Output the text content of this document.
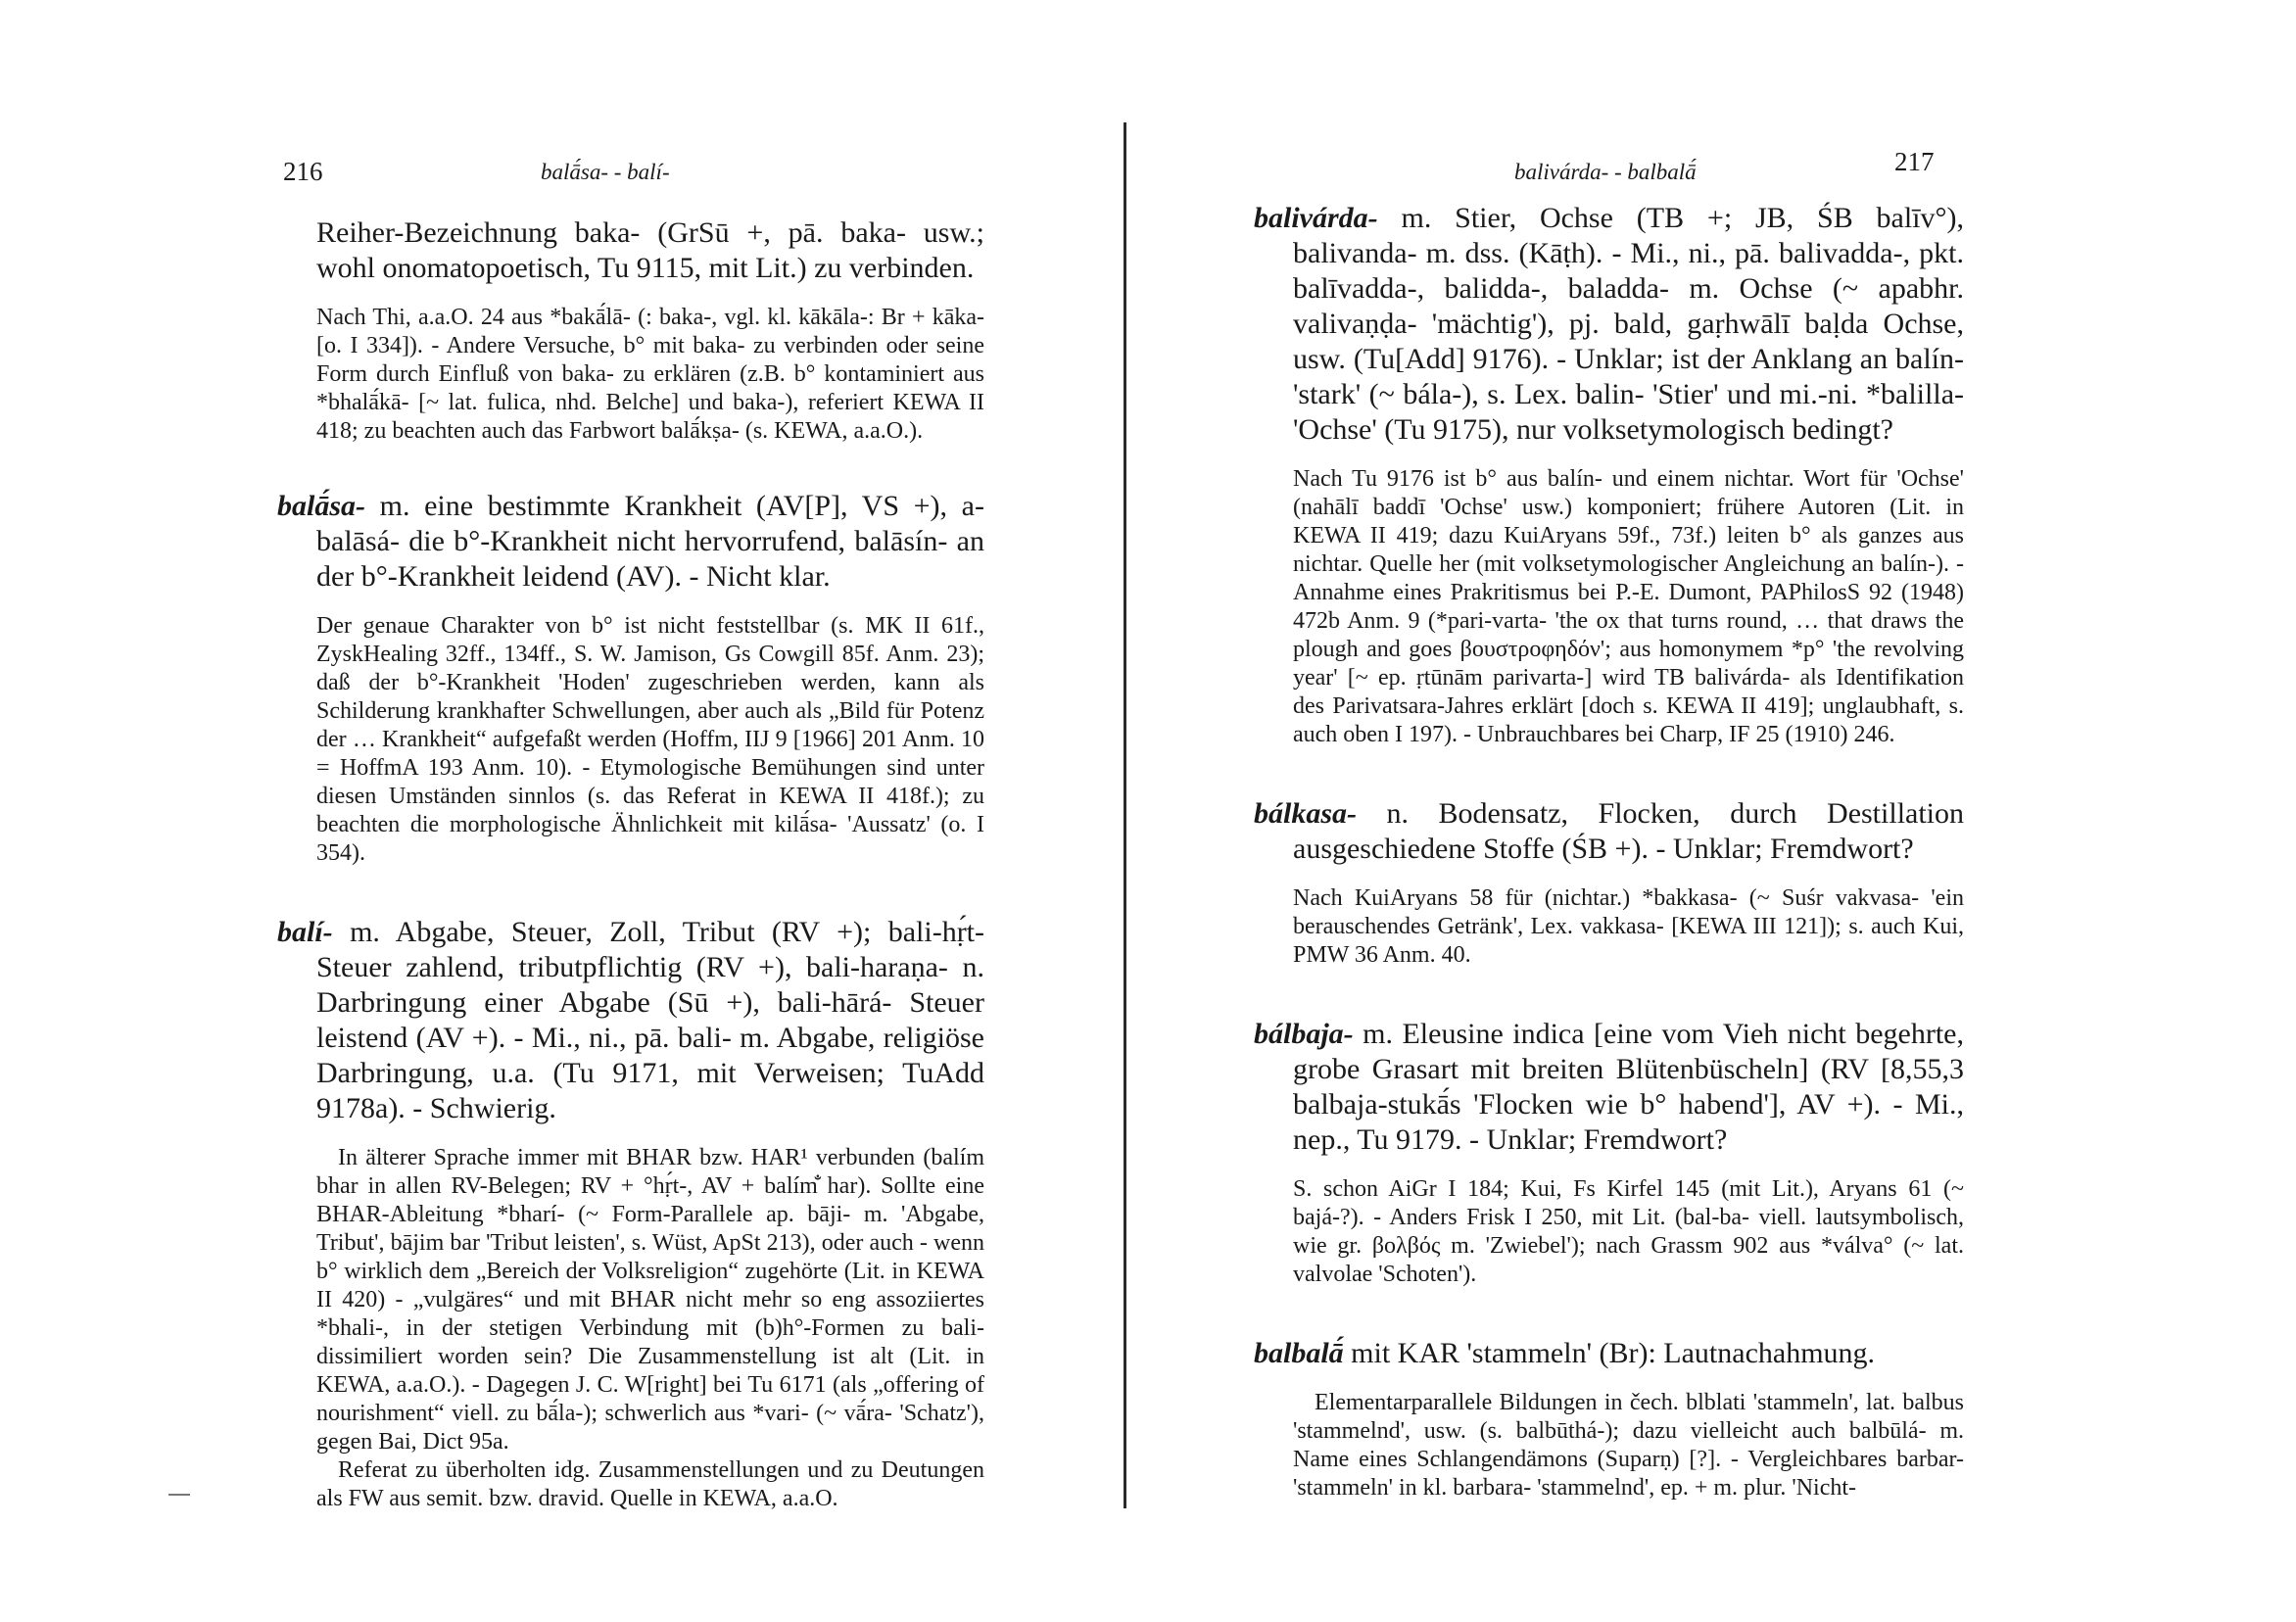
216	balā́sa- - balí-

Reiher-Bezeichnung baka- (GrSū +, pā. baka- usw.; wohl onomatopoetisch, Tu 9115, mit Lit.) zu verbinden.

Nach Thi, a.a.O. 24 aus *bakā́lā- (: baka-, vgl. kl. kākāla-: Br + kāka- [o. I 334]). - Andere Versuche, b° mit baka- zu verbinden oder seine Form durch Einfluß von baka- zu erklären (z.B. b° kontaminiert aus *bhalā́kā- [~ lat. fulica, nhd. Belche] und baka-), referiert KEWA II 418; zu beachten auch das Farbwort balā́kṣa- (s. KEWA, a.a.O.).

balā́sa- m. eine bestimmte Krankheit (AV[P], VS +), a-balāsá- die b°-Krankheit nicht hervorrufend, balāsín- an der b°-Krankheit leidend (AV). - Nicht klar.

Der genaue Charakter von b° ist nicht feststellbar (s. MK II 61f., ZyskHealing 32ff., 134ff., S. W. Jamison, Gs Cowgill 85f. Anm. 23); daß der b°-Krankheit 'Hoden' zugeschrieben werden, kann als Schilderung krankhafter Schwellungen, aber auch als „Bild für Potenz der … Krankheit“ aufgefaßt werden (Hoffm, IIJ 9 [1966] 201 Anm. 10 = HoffmA 193 Anm. 10). - Etymologische Bemühungen sind unter diesen Umständen sinnlos (s. das Referat in KEWA II 418f.); zu beachten die morphologische Ähnlichkeit mit kilā́sa- 'Aussatz' (o. I 354).

balí- m. Abgabe, Steuer, Zoll, Tribut (RV +); bali-hṛ́t- Steuer zahlend, tributpflichtig (RV +), bali-haraṇa- n. Darbringung einer Abgabe (Sū +), bali-hārá- Steuer leistend (AV +). - Mi., ni., pā. bali- m. Abgabe, religiöse Darbringung, u.a. (Tu 9171, mit Verweisen; TuAdd 9178a). - Schwierig.

In älterer Sprache immer mit BHAR bzw. HAR¹ verbunden (balím bhar in allen RV-Belegen; RV + °hṛ́t-, AV + balím̐ har). Sollte eine BHAR-Ableitung *bharí- (~ Form-Parallele ap. bāji- m. 'Abgabe, Tribut', bājim bar 'Tribut leisten', s. Wüst, ApSt 213), oder auch - wenn b° wirklich dem „Bereich der Volksreligion“ zugehörte (Lit. in KEWA II 420) - „vulgäres“ und mit BHAR nicht mehr so eng assoziiertes *bhali-, in der stetigen Verbindung mit (b)h°-Formen zu bali- dissimiliert worden sein? Die Zusammenstellung ist alt (Lit. in KEWA, a.a.O.). - Dagegen J. C. W[right] bei Tu 6171 (als „offering of nourishment“ viell. zu bā́la-); schwerlich aus *vari- (~ vā́ra- 'Schatz'), gegen Bai, Dict 95a.

Referat zu überholten idg. Zusammenstellungen und zu Deutungen als FW aus semit. bzw. dravid. Quelle in KEWA, a.a.O.

balivárda- - balbalā́	217

balivárda- m. Stier, Ochse (TB +; JB, ŚB balīv°), balivanda- m. dss. (Kāṭh). - Mi., ni., pā. balivadda-, pkt. balīvadda-, balidda-, baladda- m. Ochse (~ apabhr. valivaṇḍa- 'mächtig'), pj. bald, gaṛhwālī baḷda Ochse, usw. (Tu[Add] 9176). - Unklar; ist der Anklang an balín- 'stark' (~ bála-), s. Lex. balin- 'Stier' und mi.-ni. *balilla- 'Ochse' (Tu 9175), nur volksetymologisch bedingt?

Nach Tu 9176 ist b° aus balín- und einem nichtar. Wort für 'Ochse' (nahālī baddī 'Ochse' usw.) komponiert; frühere Autoren (Lit. in KEWA II 419; dazu KuiAryans 59f., 73f.) leiten b° als ganzes aus nichtar. Quelle her (mit volksetymologischer Angleichung an balín-). - Annahme eines Prakritismus bei P.-E. Dumont, PAPhilosS 92 (1948) 472b Anm. 9 (*pari-varta- 'the ox that turns round, … that draws the plough and goes βουστροφηδόν'; aus homonymem *p° 'the revolving year' [~ ep. ṛtūnām parivarta-] wird TB balivárda- als Identifikation des Parivatsara-Jahres erklärt [doch s. KEWA II 419]; unglaubhaft, s. auch oben I 197). - Unbrauchbares bei Charp, IF 25 (1910) 246.

bálkasa- n. Bodensatz, Flocken, durch Destillation ausgeschiedene Stoffe (ŚB +). - Unklar; Fremdwort?

Nach KuiAryans 58 für (nichtar.) *bakkasa- (~ Suśr vakvasa- 'ein berauschendes Getränk', Lex. vakkasa- [KEWA III 121]); s. auch Kui, PMW 36 Anm. 40.

bálbaja- m. Eleusine indica [eine vom Vieh nicht begehrte, grobe Grasart mit breiten Blütenbüscheln] (RV [8,55,3 balbaja-stukā́s 'Flocken wie b° habend'], AV +). - Mi., nep., Tu 9179. - Unklar; Fremdwort?

S. schon AiGr I 184; Kui, Fs Kirfel 145 (mit Lit.), Aryans 61 (~ bajá-?). - Anders Frisk I 250, mit Lit. (bal-ba- viell. lautsymbolisch, wie gr. βολβός m. 'Zwiebel'); nach Grassm 902 aus *válva° (~ lat. valvolae 'Schoten').

balbalā́ mit KAR 'stammeln' (Br): Lautnachahmung.

Elementarparallele Bildungen in čech. blblati 'stammeln', lat. balbus 'stammelnd', usw. (s. balbūthá-); dazu vielleicht auch balbūlá- m. Name eines Schlangendämons (Suparṇ) [?]. - Vergleichbares barbar- 'stammeln' in kl. barbara- 'stammelnd', ep. + m. plur. 'Nicht-
